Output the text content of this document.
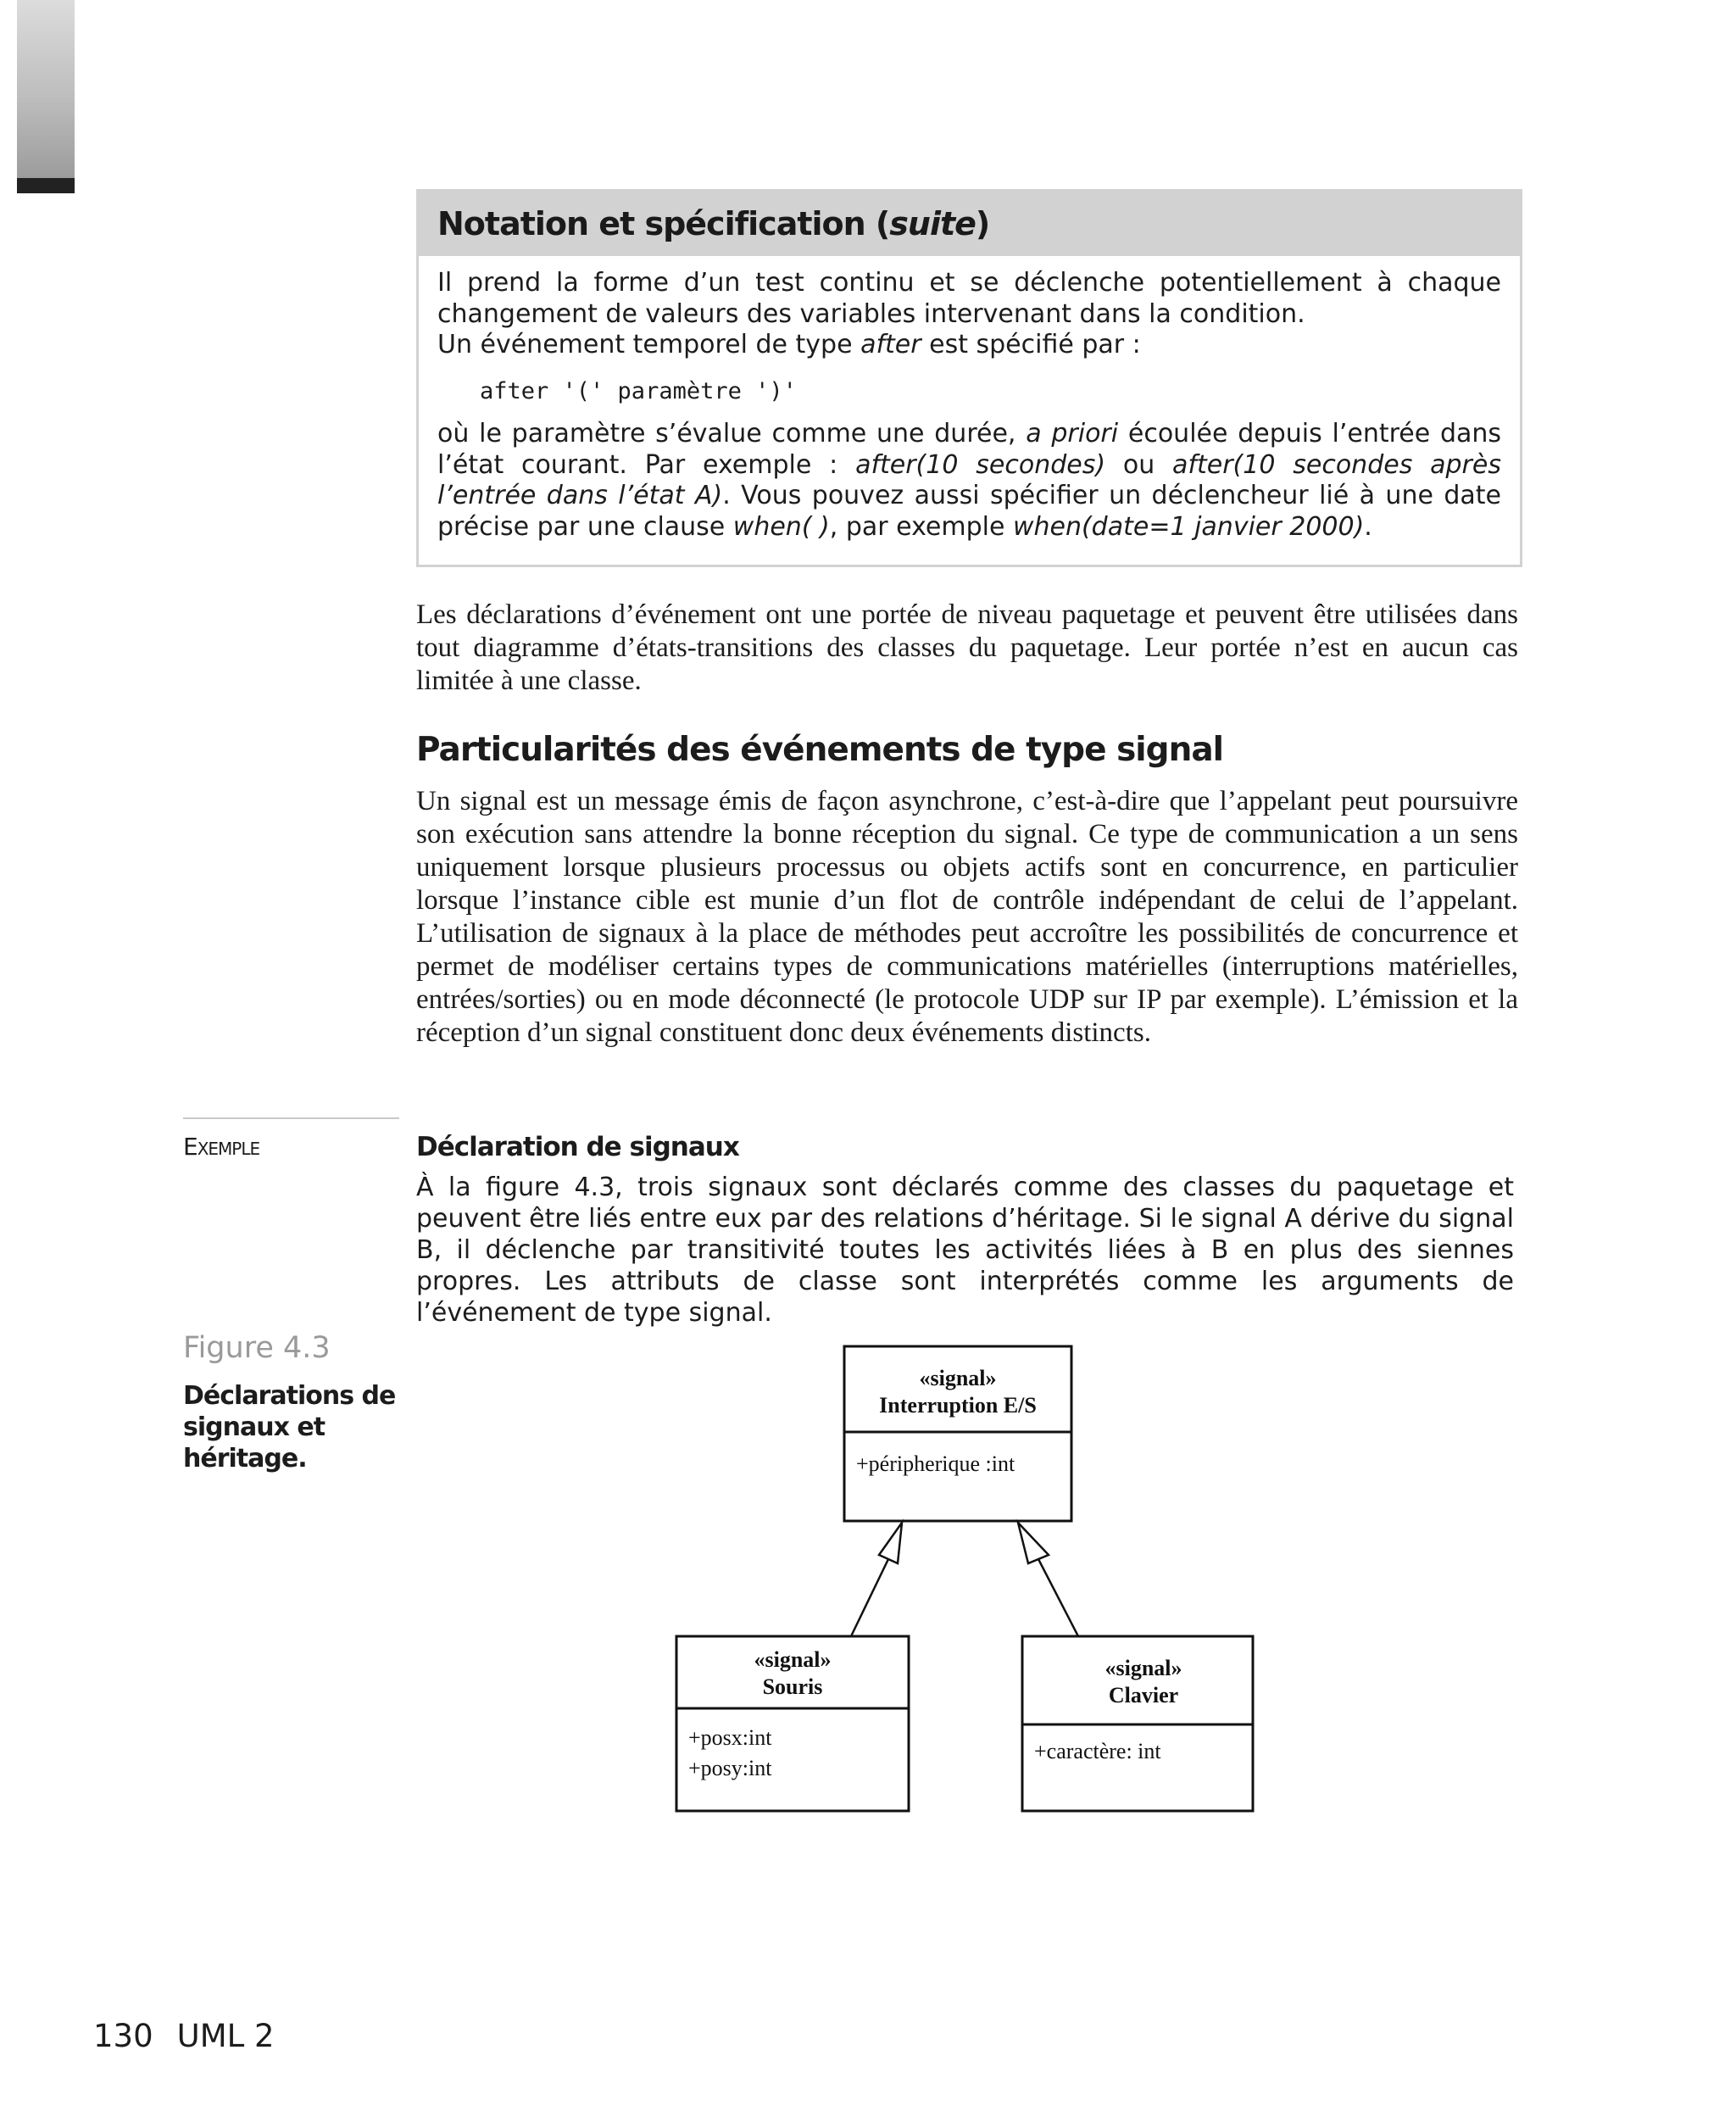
Notation et spécification (suite)

Il prend la forme d’un test continu et se déclenche potentiellement à chaque changement de valeurs des variables intervenant dans la condition.

Un événement temporel de type after est spécifié par :

after '(' paramètre ')'

où le paramètre s’évalue comme une durée, a priori écoulée depuis l’entrée dans l’état courant. Par exemple : after(10 secondes) ou after(10 secondes après l’entrée dans l’état A). Vous pouvez aussi spécifier un déclencheur lié à une date précise par une clause when( ), par exemple when(date=1 janvier 2000).

Les déclarations d’événement ont une portée de niveau paquetage et peuvent être utilisées dans tout diagramme d’états-transitions des classes du paquetage. Leur portée n’est en aucun cas limitée à une classe.

Particularités des événements de type signal

Un signal est un message émis de façon asynchrone, c’est-à-dire que l’appelant peut poursuivre son exécution sans attendre la bonne réception du signal. Ce type de communication a un sens uniquement lorsque plusieurs processus ou objets actifs sont en concurrence, en particulier lorsque l’instance cible est munie d’un flot de contrôle indépendant de celui de l’appelant. L’utilisation de signaux à la place de méthodes peut accroître les possibilités de concurrence et permet de modéliser certains types de communications matérielles (interruptions matérielles, entrées/sorties) ou en mode déconnecté (le protocole UDP sur IP par exemple). L’émission et la réception d’un signal constituent donc deux événements distincts.

Exemple	Déclaration de signaux

À la figure 4.3, trois signaux sont déclarés comme des classes du paquetage et peuvent être liés entre eux par des relations d’héritage. Si le signal A dérive du signal B, il déclenche par transitivité toutes les activités liées à B en plus des siennes propres. Les attributs de classe sont interprétés comme les arguments de l’événement de type signal.

Figure 4.3
Déclarations de signaux et héritage.
«signal»
Interruption E/S
+péripherique :int
«signal»
Souris
+posx:int
+posy:int
«signal»
Clavier
+caractère: int
130 UML 2
